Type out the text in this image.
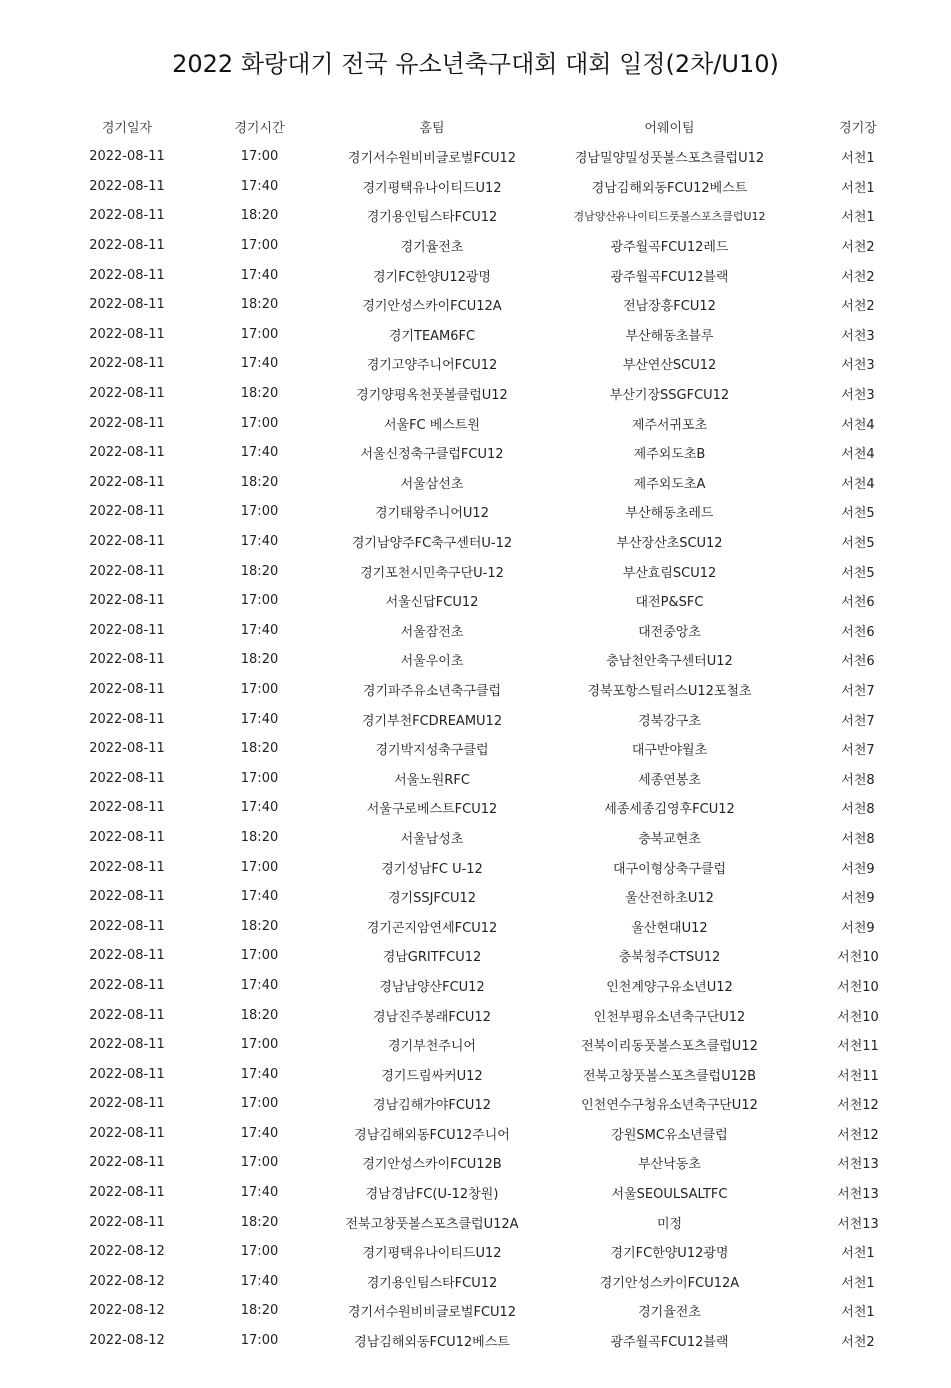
2022 화랑대기 전국 유소년축구대회 대회 일정(2차/U10)
경기일자	경기시간	홈팀	어웨이팀	경기장
2022-08-11	17:00	경기서수원비비글로벌FCU12	경남밀양밀성풋볼스포츠클럽U12	서천1
2022-08-11	17:40	경기평택유나이티드U12	경남김해외동FCU12베스트	서천1
2022-08-11	18:20	경기용인팀스타FCU12	경남양산유나이티드풋볼스포츠클럽U12	서천1
2022-08-11	17:00	경기율전초	광주월곡FCU12레드	서천2
2022-08-11	17:40	경기FC한양U12광명	광주월곡FCU12블랙	서천2
2022-08-11	18:20	경기안성스카이FCU12A	전남장흥FCU12	서천2
2022-08-11	17:00	경기TEAM6FC	부산해동초블루	서천3
2022-08-11	17:40	경기고양주니어FCU12	부산연산SCU12	서천3
2022-08-11	18:20	경기양평옥천풋볼클럽U12	부산기장SSGFCU12	서천3
2022-08-11	17:00	서울FC 베스트원	제주서귀포초	서천4
2022-08-11	17:40	서울신정축구클럽FCU12	제주외도초B	서천4
2022-08-11	18:20	서울삼선초	제주외도초A	서천4
2022-08-11	17:00	경기태왕주니어U12	부산해동초레드	서천5
2022-08-11	17:40	경기남양주FC축구센터U-12	부산장산초SCU12	서천5
2022-08-11	18:20	경기포천시민축구단U-12	부산효림SCU12	서천5
2022-08-11	17:00	서울신답FCU12	대전P&SFC	서천6
2022-08-11	17:40	서울잠전초	대전중앙초	서천6
2022-08-11	18:20	서울우이초	충남천안축구센터U12	서천6
2022-08-11	17:00	경기파주유소년축구클럽	경북포항스틸러스U12포철초	서천7
2022-08-11	17:40	경기부천FCDREAMU12	경북강구초	서천7
2022-08-11	18:20	경기박지성축구클럽	대구반야월초	서천7
2022-08-11	17:00	서울노원RFC	세종연봉초	서천8
2022-08-11	17:40	서울구로베스트FCU12	세종세종김영후FCU12	서천8
2022-08-11	18:20	서울남성초	충북교현초	서천8
2022-08-11	17:00	경기성남FC U-12	대구이형상축구클럽	서천9
2022-08-11	17:40	경기SSJFCU12	울산전하초U12	서천9
2022-08-11	18:20	경기곤지암연세FCU12	울산현대U12	서천9
2022-08-11	17:00	경남GRITFCU12	충북청주CTSU12	서천10
2022-08-11	17:40	경남남양산FCU12	인천계양구유소년U12	서천10
2022-08-11	18:20	경남진주봉래FCU12	인천부평유소년축구단U12	서천10
2022-08-11	17:00	경기부천주니어	전북이리동풋볼스포츠클럽U12	서천11
2022-08-11	17:40	경기드림싸커U12	전북고창풋볼스포츠클럽U12B	서천11
2022-08-11	17:00	경남김해가야FCU12	인천연수구청유소년축구단U12	서천12
2022-08-11	17:40	경남김해외동FCU12주니어	강원SMC유소년클럽	서천12
2022-08-11	17:00	경기안성스카이FCU12B	부산낙동초	서천13
2022-08-11	17:40	경남경남FC(U-12창원)	서울SEOULSALTFC	서천13
2022-08-11	18:20	전북고창풋볼스포츠클럽U12A	미정	서천13
2022-08-12	17:00	경기평택유나이티드U12	경기FC한양U12광명	서천1
2022-08-12	17:40	경기용인팀스타FCU12	경기안성스카이FCU12A	서천1
2022-08-12	18:20	경기서수원비비글로벌FCU12	경기율전초	서천1
2022-08-12	17:00	경남김해외동FCU12베스트	광주월곡FCU12블랙	서천2
